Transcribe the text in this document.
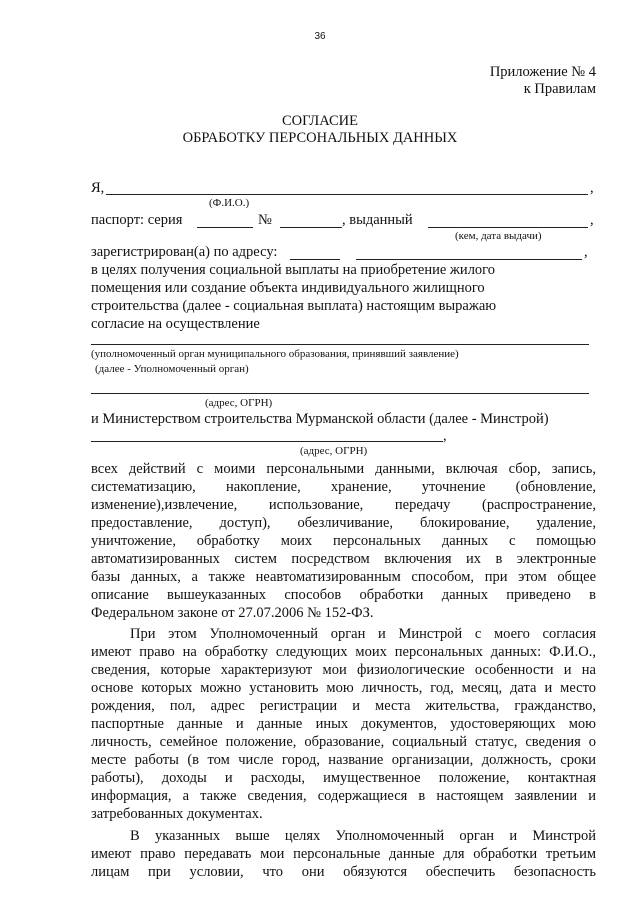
36
Приложение № 4
к Правилам
СОГЛАСИЕ
ОБРАБОТКУ ПЕРСОНАЛЬНЫХ ДАННЫХ
Я,	,
(Ф.И.О.)
паспорт: серия	№	, выданный	,
(кем, дата выдачи)
зарегистрирован(а) по адресу:	,
в целях получения социальной выплаты на приобретение жилого
помещения или создание объекта индивидуального жилищного
строительства (далее - социальная выплата) настоящим выражаю
согласие на осуществление
(уполномоченный орган муниципального образования, принявший заявление)
(далее - Уполномоченный орган)
(адрес, ОГРН)
и Министерством строительства Мурманской области (далее - Минстрой)
,
(адрес, ОГРН)
всех действий с моими персональными данными, включая сбор, запись,
систематизацию, накопление, хранение, уточнение (обновление,
изменение),извлечение, использование, передачу (распространение,
предоставление, доступ), обезличивание, блокирование, удаление,
уничтожение, обработку моих персональных данных с помощью
автоматизированных систем посредством включения их в электронные
базы данных, а также неавтоматизированным способом, при этом общее
описание вышеуказанных способов обработки данных приведено в
Федеральном законе от 27.07.2006 № 152-ФЗ.
При этом Уполномоченный орган и Минстрой с моего согласия
имеют право на обработку следующих моих персональных данных: Ф.И.О.,
сведения, которые характеризуют мои физиологические особенности и на
основе которых можно установить мою личность, год, месяц, дата и место
рождения, пол, адрес регистрации и места жительства, гражданство,
паспортные данные и данные иных документов, удостоверяющих мою
личность, семейное положение, образование, социальный статус, сведения о
месте работы (в том числе город, название организации, должность, сроки
работы), доходы и расходы, имущественное положение, контактная
информация, а также сведения, содержащиеся в настоящем заявлении и
затребованных документах.
В указанных выше целях Уполномоченный орган и Минстрой
имеют право передавать мои персональные данные для обработки третьим
лицам при условии, что они обязуются обеспечить безопасность
